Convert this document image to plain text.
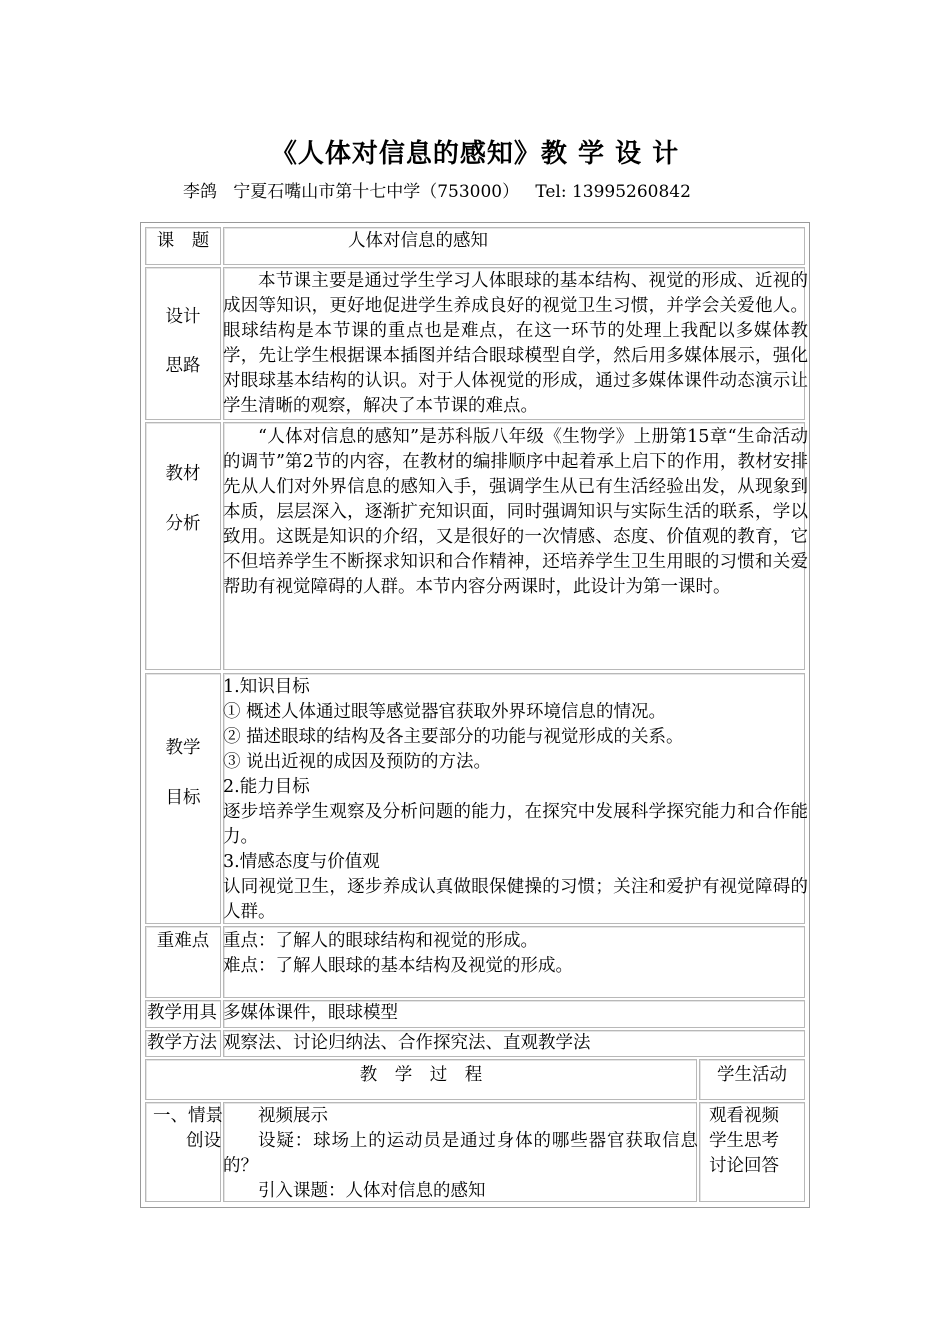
《人体对信息的感知》教 学 设 计
李鸽   宁夏石嘴山市第十七中学（753000）   Tel: 13995260842
课　题	人体对信息的感知
设计
思路

本节课主要是通过学生学习人体眼球的基本结构、视觉的形成、近视的成因等知识，更好地促进学生养成良好的视觉卫生习惯，并学会关爱他人。眼球结构是本节课的重点也是难点，在这一环节的处理上我配以多媒体教学，先让学生根据课本插图并结合眼球模型自学，然后用多媒体展示，强化对眼球基本结构的认识。对于人体视觉的形成，通过多媒体课件动态演示让学生清晰的观察，解决了本节课的难点。

教材
分析

“人体对信息的感知”是苏科版八年级《生物学》上册第15章“生命活动的调节”第2节的内容，在教材的编排顺序中起着承上启下的作用，教材安排先从人们对外界信息的感知入手，强调学生从已有生活经验出发，从现象到本质，层层深入，逐渐扩充知识面，同时强调知识与实际生活的联系，学以致用。这既是知识的介绍，又是很好的一次情感、态度、价值观的教育，它不但培养学生不断探求知识和合作精神，还培养学生卫生用眼的习惯和关爱帮助有视觉障碍的人群。本节内容分两课时，此设计为第一课时。

教学
目标

1.知识目标

① 概述人体通过眼等感觉器官获取外界环境信息的情况。

② 描述眼球的结构及各主要部分的功能与视觉形成的关系。

③ 说出近视的成因及预防的方法。

2.能力目标

逐步培养学生观察及分析问题的能力，在探究中发展科学探究能力和合作能力。

3.情感态度与价值观

认同视觉卫生，逐步养成认真做眼保健操的习惯；关注和爱护有视觉障碍的人群。

重难点 重点：了解人的眼球结构和视觉的形成。

难点：了解人眼球的基本结构及视觉的形成。

教学用具 多媒体课件，眼球模型
教学方法 观察法、讨论归纳法、合作探究法、直观教学法
教　学　过　程	学生活动
一、情景
创设

视频展示

设疑：球场上的运动员是通过身体的哪些器官获取信息的？

引入课题：人体对信息的感知

观看视频

学生思考

讨论回答
